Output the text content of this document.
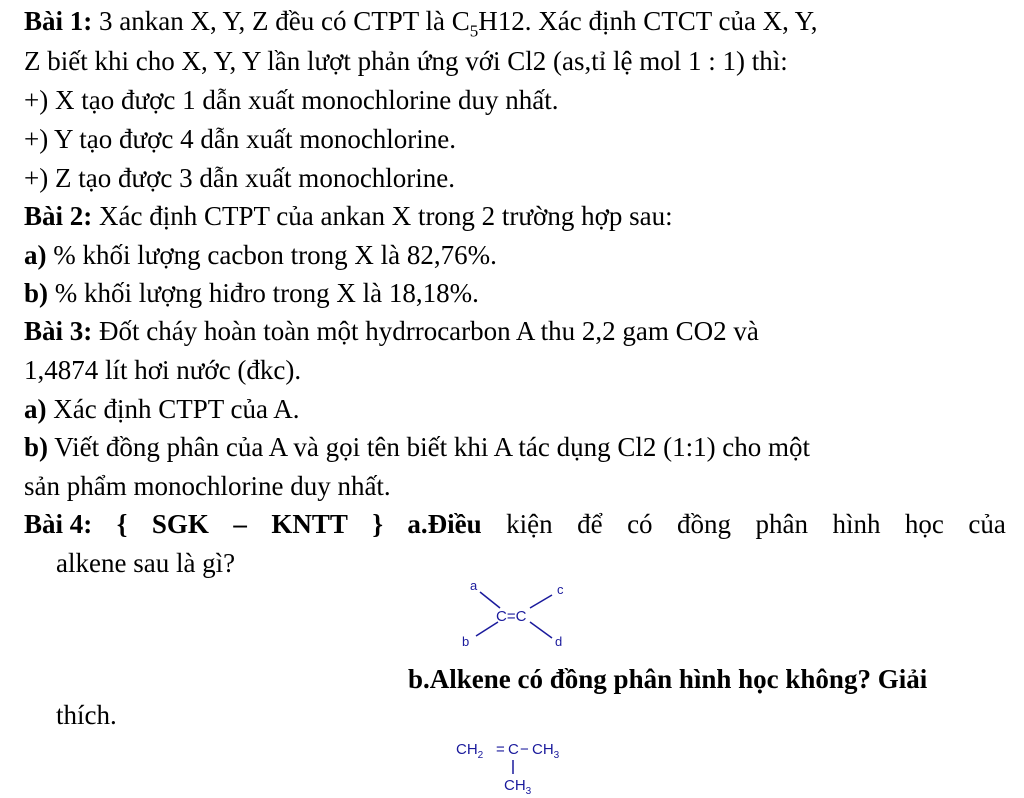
Bài 1: 3 ankan X, Y, Z đều có CTPT là $C_5H12$. Xác định CTCT của X, Y,
Z biết khi cho X, Y, Y lần lượt phản ứng với Cl2 (as,tỉ lệ mol 1 : 1) thì:
+) X tạo được 1 dẫn xuất monochlorine duy nhất.
+) Y tạo được 4 dẫn xuất monochlorine.
+) Z tạo được 3 dẫn xuất monochlorine.
Bài 2: Xác định CTPT của ankan X trong 2 trường hợp sau:
a) % khối lượng cacbon trong X là 82,76%.
b) % khối lượng hiđro trong X là 18,18%.
Bài 3: Đốt cháy hoàn toàn một hydrrocarbon A thu 2,2 gam CO2 và
1,4874 lít hơi nước (đkc).
a) Xác định CTPT của A.
b) Viết đồng phân của A và gọi tên biết khi A tác dụng Cl2 (1:1) cho một
sản phẩm monochlorine duy nhất.
Bài 4: { SGK – KNTT } a.Điều kiện để có đồng phân hình học của
alkene sau là gì?
a	c
b	d
C=C
b.Alkene có đồng phân hình học không? Giải
thích.
$CH_2 = C - CH_3$
$CH_3$
